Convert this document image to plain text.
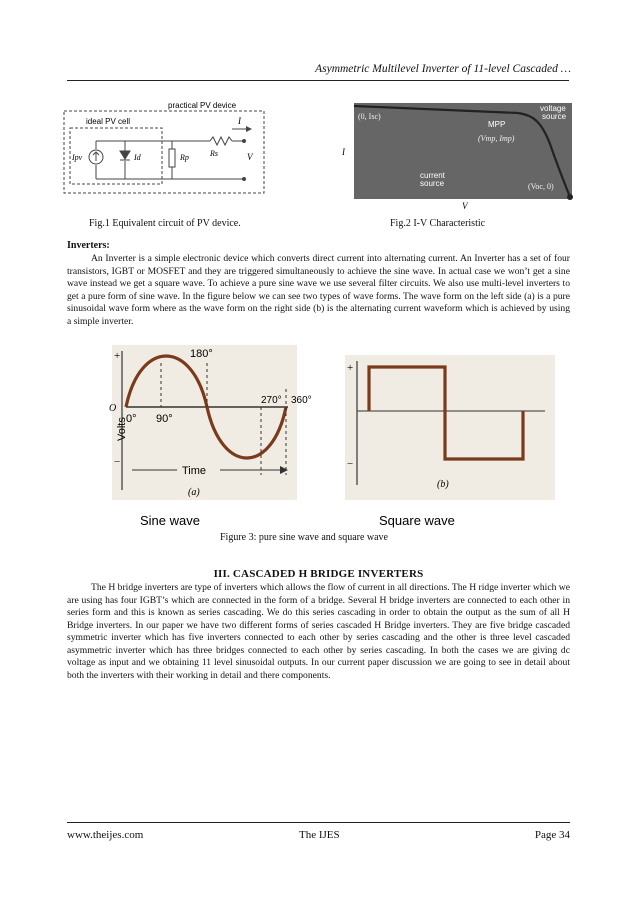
Asymmetric Multilevel Inverter of 11-level Cascaded …
practical PV device
ideal PV cell	I
Ipv	Id	Rp	Rs	V
(0, Isc)
MPP
(Vmp, Imp)
voltage
source
current
source	(Voc, 0)
I
V
Fig.1 Equivalent circuit of PV device.	Fig.2 I-V Characteristic
Inverters:

An Inverter is a simple electronic device which converts direct current into alternating current. An Inverter has a set of four transistors, IGBT or MOSFET and they are triggered simultaneously to achieve the sine wave. In actual case we won’t get a sine wave instead we get a square wave. To achieve a pure sine wave we use several filter circuits. We also use multi-level inverters to get a pure form of sine wave. In the figure below we can see two types of wave forms. The wave form on the left side (a) is a pure sinusoidal wave form where as the wave form on the right side (b) is the alternating current waveform which is achieved by using a simple inverter.

+
−
O
Volts
0° 90°
180°
270° 360°
Time
(a)
Sine wave
+
−
(b)
Square wave
Figure 3: pure sine wave and square wave
III. CASCADED H BRIDGE INVERTERS

The H bridge inverters are type of inverters which allows the flow of current in all directions. The H ridge inverter which we are using has four IGBT’s which are connected in the form of a bridge. Several H bridge inverters are connected to each other in series form and this is known as series cascading. We do this series cascading in order to obtain the output as the sum of all H Bridge inverters. In our paper we have two different forms of series cascaded H Bridge inverters. They are five bridge cascaded symmetric inverter which has five inverters connected to each other by series cascading and the other is three level cascaded asymmetric inverter which has three bridges connected to each other by series cascading. In both the cases we are giving dc voltage as input and we obtaining 11 level sinusoidal outputs. In our current paper discussion we are going to see in detail about both the inverters with their working in detail and there components.

www.theijes.com	The IJES	Page 34
